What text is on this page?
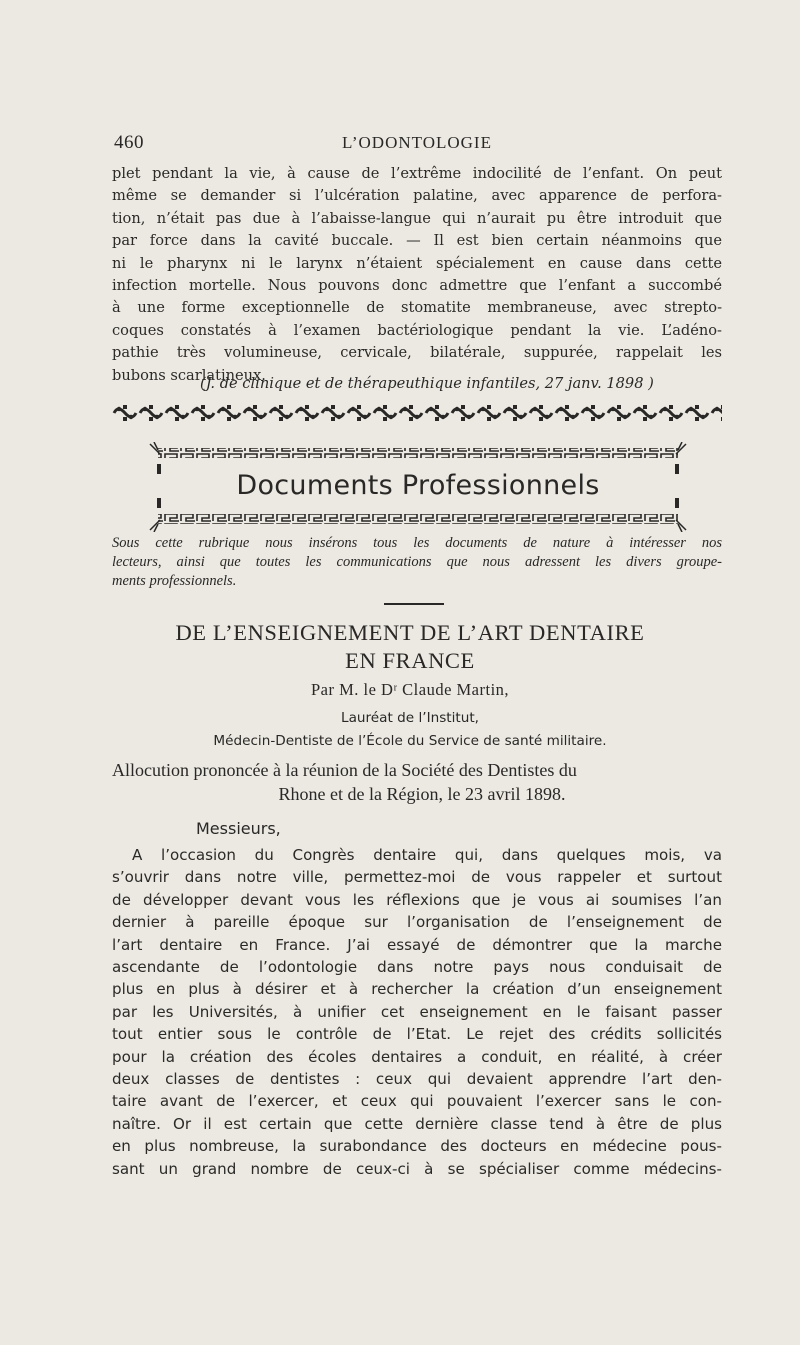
460	L’ODONTOLOGIE
plet pendant la vie, à cause de l’extrême indocilité de l’enfant. On peut
même se demander si l’ulcération palatine, avec apparence de perfora-
tion, n’était pas due à l’abaisse-langue qui n’aurait pu être introduit que
par force dans la cavité buccale. — Il est bien certain néanmoins que
ni le pharynx ni le larynx n’étaient spécialement en cause dans cette
infection mortelle. Nous pouvons donc admettre que l’enfant a succombé
à une forme exceptionnelle de stomatite membraneuse, avec strepto-
coques constatés à l’examen bactériologique pendant la vie. L’adéno-
pathie très volumineuse, cervicale, bilatérale, suppurée, rappelait les
bubons scarlatineux.
(J. de clinique et de thérapeuthique infantiles, 27 janv. 1898 )
Documents Professionnels
Sous cette rubrique nous insérons tous les documents de nature à intéresser nos
lecteurs, ainsi que toutes les communications que nous adressent les divers groupe-
ments professionnels.
DE L’ENSEIGNEMENT DE L’ART DENTAIRE
EN FRANCE
Par M. le Dʳ Claude Martin,
Lauréat de l’Institut,
Médecin-Dentiste de l’École du Service de santé militaire.
Allocution prononcée à la réunion de la Société des Dentistes du
Rhone et de la Région, le 23 avril 1898.
Messieurs,
A l’occasion du Congrès dentaire qui, dans quelques mois, va
s’ouvrir dans notre ville, permettez-moi de vous rappeler et surtout
de développer devant vous les réflexions que je vous ai soumises l’an
dernier à pareille époque sur l’organisation de l’enseignement de
l’art dentaire en France. J’ai essayé de démontrer que la marche
ascendante de l’odontologie dans notre pays nous conduisait de
plus en plus à désirer et à rechercher la création d’un enseignement
par les Universités, à unifier cet enseignement en le faisant passer
tout entier sous le contrôle de l’Etat. Le rejet des crédits sollicités
pour la création des écoles dentaires a conduit, en réalité, à créer
deux classes de dentistes : ceux qui devaient apprendre l’art den-
taire avant de l’exercer, et ceux qui pouvaient l’exercer sans le con-
naître. Or il est certain que cette dernière classe tend à être de plus
en plus nombreuse, la surabondance des docteurs en médecine pous-
sant un grand nombre de ceux-ci à se spécialiser comme médecins-
